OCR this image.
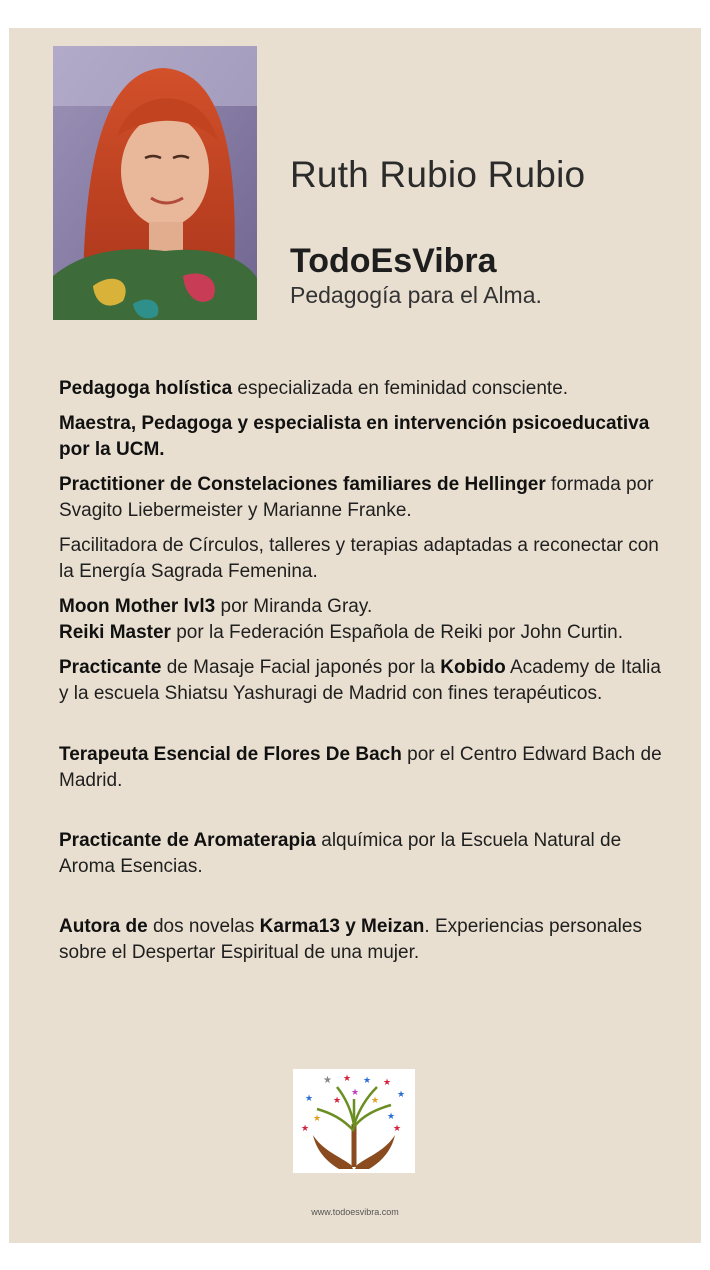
Ruth Rubio Rubio
TodoEsVibra
Pedagogía para el Alma.

Pedagoga holística especializada en feminidad consciente.

Maestra, Pedagoga y especialista en intervención psicoeducativa por la UCM.

Practitioner de Constelaciones familiares de Hellinger formada por Svagito Liebermeister y Marianne Franke.

Facilitadora de Círculos, talleres y terapias adaptadas a reconectar con la Energía Sagrada Femenina.

Moon Mother lvl3 por Miranda Gray.
Reiki Master por la Federación Española de Reiki por John Curtin.

Practicante de Masaje Facial japonés por la Kobido Academy de Italia y la escuela Shiatsu Yashuragi de Madrid con fines terapéuticos.

Terapeuta Esencial de Flores De Bach por el Centro Edward Bach de Madrid.

Practicante de Aromaterapia alquímica por la Escuela Natural de Aroma Esencias.

Autora de dos novelas Karma13 y Meizan. Experiencias personales sobre el Despertar Espiritual de una mujer.

★ ★ ★ ★
★
★
★
★	★
★
★
★
★
www.todoesvibra.com
